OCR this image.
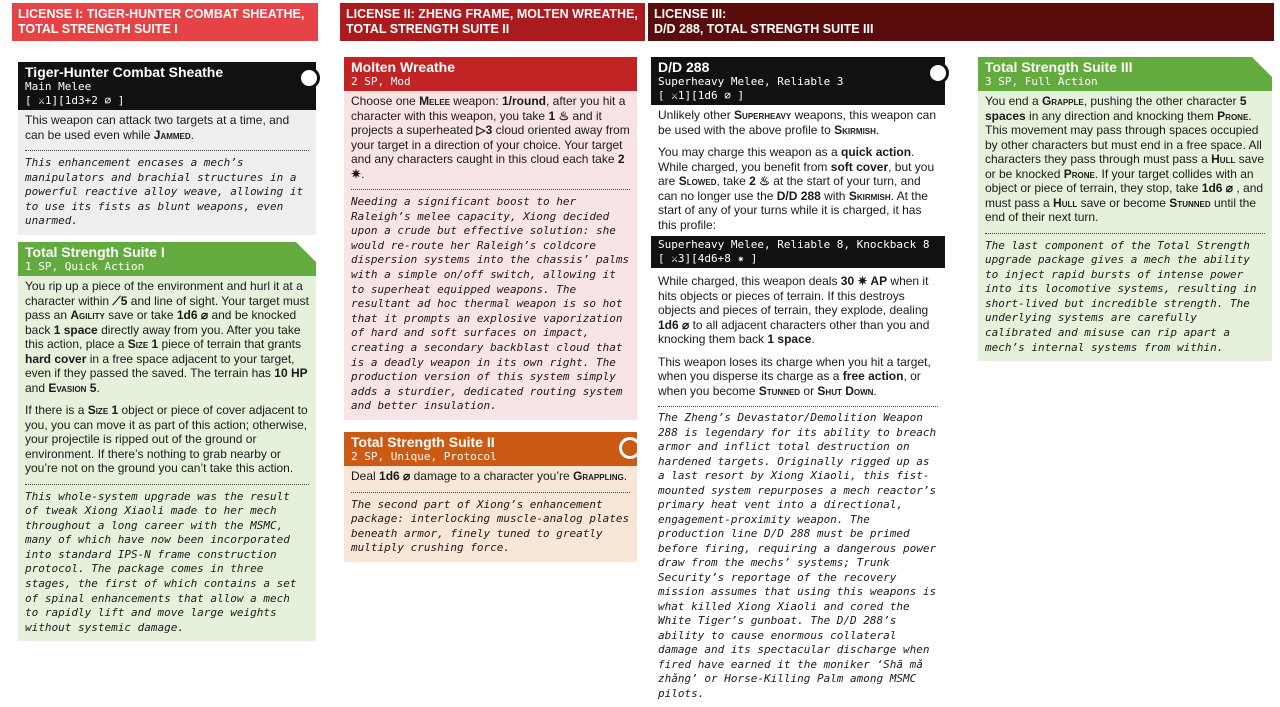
LICENSE I: TIGER-HUNTER COMBAT SHEATHE,
TOTAL STRENGTH SUITE I
LICENSE II: ZHENG FRAME, MOLTEN WREATHE,
TOTAL STRENGTH SUITE II
LICENSE III:
D/D 288, TOTAL STRENGTH SUITE III
Tiger-Hunter Combat Sheathe
Main Melee
[ ⚔1][1d3+2 ⌀ ]

This weapon can attack two targets at a time, and can be used even while Jammed.

This enhancement encases a mech’s manipulators and brachial structures in a powerful reactive alloy weave, allowing it to use its fists as blunt weapons, even unarmed.
Total Strength Suite I
1 SP, Quick Action

You rip up a piece of the environment and hurl it at a character within ⟋5 and line of sight. Your target must pass an Agility save or take 1d6 ⌀ and be knocked back 1 space directly away from you. After you take this action, place a Size 1 piece of terrain that grants hard cover in a free space adjacent to your target, even if they passed the saved. The terrain has 10 HP and Evasion 5.

If there is a Size 1 object or piece of cover adjacent to you, you can move it as part of this action; otherwise, your projectile is ripped out of the ground or environment. If there’s nothing to grab nearby or you’re not on the ground you can’t take this action.

This whole-system upgrade was the result of tweak Xiong Xiaoli made to her mech throughout a long career with the MSMC, many of which have now been incorporated into standard IPS-N frame construction protocol. The package comes in three stages, the first of which contains a set of spinal enhancements that allow a mech to rapidly lift and move large weights without systemic damage.
Molten Wreathe
2 SP, Mod

Choose one Melee weapon: 1/round, after you hit a character with this weapon, you take 1 ♨ and it projects a superheated ▷3 cloud oriented away from your target in a direction of your choice. Your target and any characters caught in this cloud each take 2 ✷.

Needing a significant boost to her Raleigh’s melee capacity, Xiong decided upon a crude but effective solution: she would re-route her Raleigh’s coldcore dispersion systems into the chassis’ palms with a simple on/off switch, allowing it to superheat equipped weapons. The resultant ad hoc thermal weapon is so hot that it prompts an explosive vaporization of hard and soft surfaces on impact, creating a secondary backblast cloud that is a deadly weapon in its own right. The production version of this system simply adds a sturdier, dedicated routing system and better insulation.
Total Strength Suite II
2 SP, Unique, Protocol

Deal 1d6 ⌀ damage to a character you’re Grappling.

The second part of Xiong’s enhancement package: interlocking muscle-analog plates beneath armor, finely tuned to greatly multiply crushing force.
D/D 288
Superheavy Melee, Reliable 3
[ ⚔1][1d6 ⌀ ]

Unlikely other Superheavy weapons, this weapon can be used with the above profile to Skirmish.

You may charge this weapon as a quick action. While charged, you benefit from soft cover, but you are Slowed, take 2 ♨ at the start of your turn, and can no longer use the D/D 288 with Skirmish. At the start of any of your turns while it is charged, it has this profile:

Superheavy Melee, Reliable 8, Knockback 8
[ ⚔3][4d6+8 ✷ ]

While charged, this weapon deals 30 ✷ AP when it hits objects or pieces of terrain. If this destroys objects and pieces of terrain, they explode, dealing 1d6 ⌀ to all adjacent characters other than you and knocking them back 1 space.

This weapon loses its charge when you hit a target, when you disperse its charge as a free action, or when you become Stunned or Shut Down.

The Zheng’s Devastator/Demolition Weapon 288 is legendary for its ability to breach armor and inflict total destruction on hardened targets. Originally rigged up as a last resort by Xiong Xiaoli, this fist-mounted system repurposes a mech reactor’s primary heat vent into a directional, engagement-proximity weapon. The production line D/D 288 must be primed before firing, requiring a dangerous power draw from the mechs’ systems; Trunk Security’s reportage of the recovery mission assumes that using this weapons is what killed Xiong Xiaoli and cored the White Tiger’s gunboat. The D/D 288’s ability to cause enormous collateral damage and its spectacular discharge when fired have earned it the moniker ‘Shā mǎ zhǎng’ or Horse-Killing Palm among MSMC pilots.
Total Strength Suite III
3 SP, Full Action

You end a Grapple, pushing the other character 5 spaces in any direction and knocking them Prone. This movement may pass through spaces occupied by other characters but must end in a free space. All characters they pass through must pass a Hull save or be knocked Prone. If your target collides with an object or piece of terrain, they stop, take 1d6 ⌀ , and must pass a Hull save or become Stunned until the end of their next turn.

The last component of the Total Strength upgrade package gives a mech the ability to inject rapid bursts of intense power into its locomotive systems, resulting in short-lived but incredible strength. The underlying systems are carefully calibrated and misuse can rip apart a mech’s internal systems from within.
